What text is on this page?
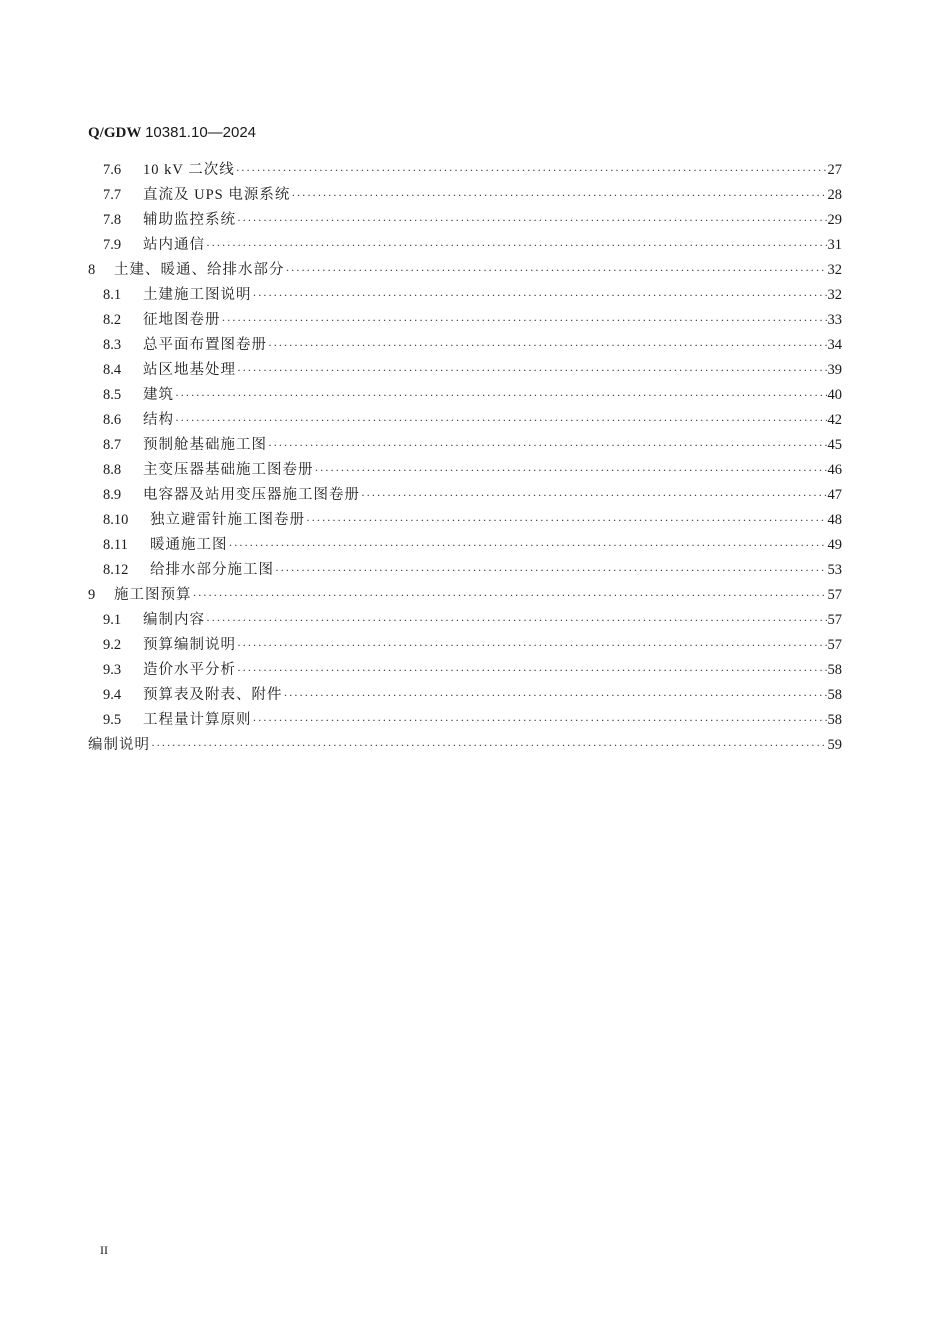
Q/GDW 10381.10—2024
7.6	10 kV 二次线 ·····	27
7.7	直流及 UPS 电源系统 ·····	28
7.8	辅助监控系统 ·····	29
7.9	站内通信 ·····	31
8	土建、暖通、给排水部分 ·····	32
8.1	土建施工图说明 ·····	32
8.2	征地图卷册 ·····	33
8.3	总平面布置图卷册 ·····	34
8.4	站区地基处理 ·····	39
8.5	建筑 ·····	40
8.6	结构 ·····	42
8.7	预制舱基础施工图 ·····	45
8.8	主变压器基础施工图卷册 ·····	46
8.9	电容器及站用变压器施工图卷册 ·····	47
8.10	独立避雷针施工图卷册 ·····	48
8.11	暖通施工图 ·····	49
8.12	给排水部分施工图 ·····	53
9	施工图预算 ·····	57
9.1	编制内容 ·····	57
9.2	预算编制说明 ·····	57
9.3	造价水平分析 ·····	58
9.4	预算表及附表、附件 ·····	58
9.5	工程量计算原则 ·····	58
编制说明 ·····	59
II
